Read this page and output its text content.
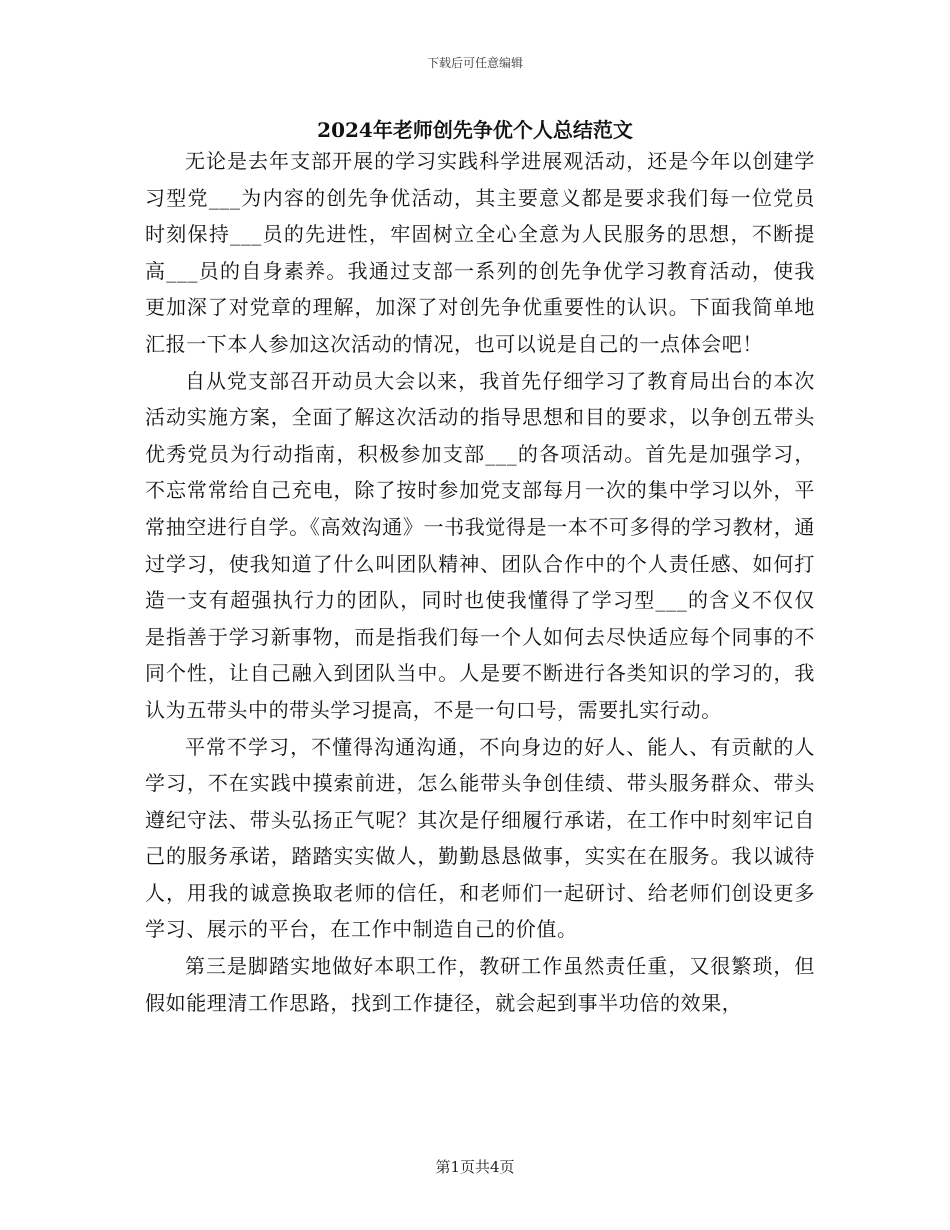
下载后可任意编辑
2024年老师创先争优个人总结范文

无论是去年支部开展的学习实践科学进展观活动，还是今年以创建学习型党___为内容的创先争优活动，其主要意义都是要求我们每一位党员时刻保持___员的先进性，牢固树立全心全意为人民服务的思想，不断提高___员的自身素养。我通过支部一系列的创先争优学习教育活动，使我更加深了对党章的理解，加深了对创先争优重要性的认识。下面我简单地汇报一下本人参加这次活动的情况，也可以说是自己的一点体会吧！

自从党支部召开动员大会以来，我首先仔细学习了教育局出台的本次活动实施方案，全面了解这次活动的指导思想和目的要求，以争创五带头优秀党员为行动指南，积极参加支部___的各项活动。首先是加强学习，不忘常常给自己充电，除了按时参加党支部每月一次的集中学习以外，平常抽空进行自学。《高效沟通》一书我觉得是一本不可多得的学习教材，通过学习，使我知道了什么叫团队精神、团队合作中的个人责任感、如何打造一支有超强执行力的团队，同时也使我懂得了学习型___的含义不仅仅是指善于学习新事物，而是指我们每一个人如何去尽快适应每个同事的不同个性，让自己融入到团队当中。人是要不断进行各类知识的学习的，我认为五带头中的带头学习提高，不是一句口号，需要扎实行动。

平常不学习，不懂得沟通沟通，不向身边的好人、能人、有贡献的人学习，不在实践中摸索前进，怎么能带头争创佳绩、带头服务群众、带头遵纪守法、带头弘扬正气呢？其次是仔细履行承诺，在工作中时刻牢记自己的服务承诺，踏踏实实做人，勤勤恳恳做事，实实在在服务。我以诚待人，用我的诚意换取老师的信任，和老师们一起研讨、给老师们创设更多学习、展示的平台，在工作中制造自己的价值。

第三是脚踏实地做好本职工作，教研工作虽然责任重，又很繁琐，但假如能理清工作思路，找到工作捷径，就会起到事半功倍的效果，

第1页共4页
